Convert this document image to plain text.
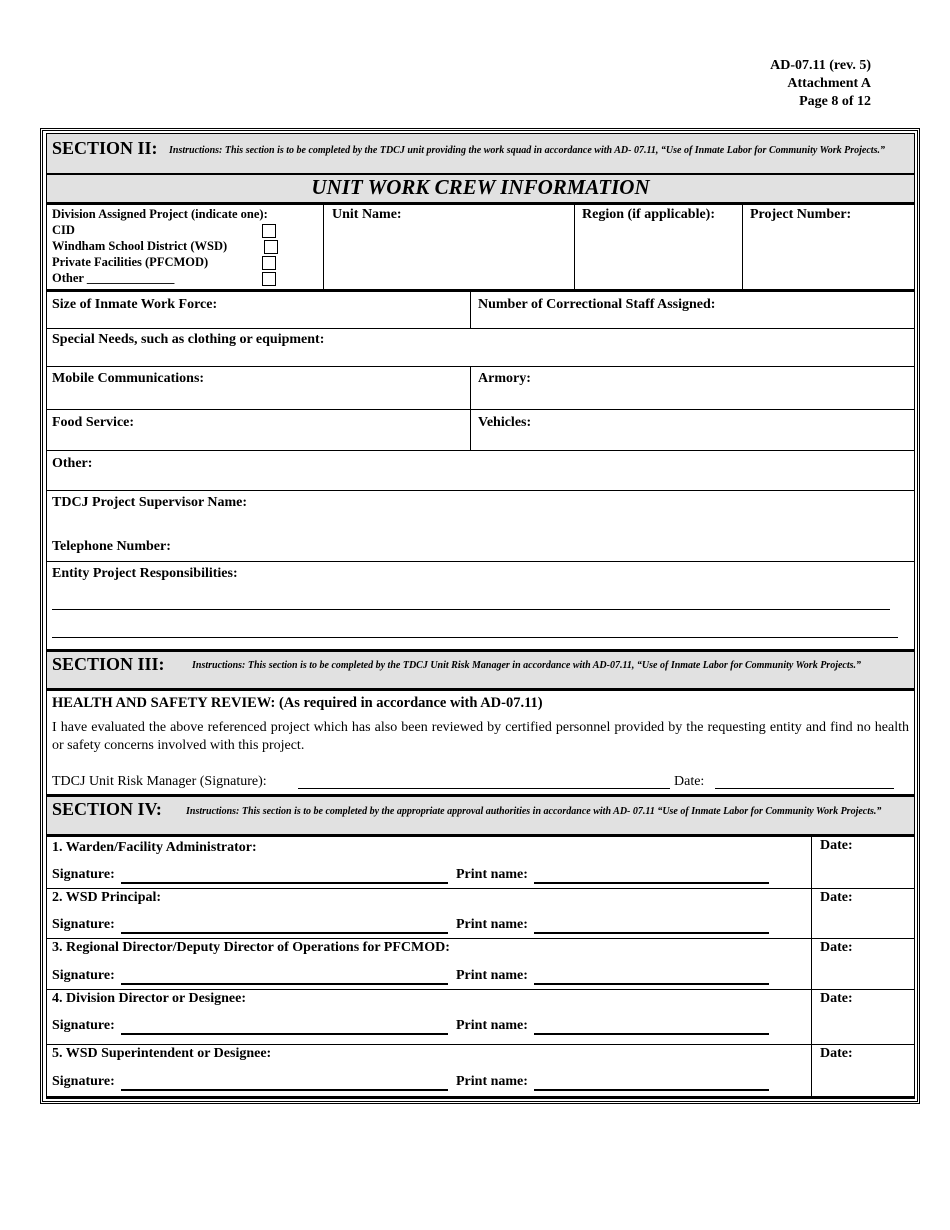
AD-07.11 (rev. 5)
Attachment A
Page 8 of 12
SECTION II: Instructions: This section is to be completed by the TDCJ unit providing the work squad in accordance with AD- 07.11, “Use of Inmate Labor for Community Work Projects.”
UNIT WORK CREW INFORMATION
Division Assigned Project (indicate one):
CID
Windham School District (WSD)
Private Facilities (PFCMOD)
Other ______________
Unit Name:	Region (if applicable):	Project Number:
Size of Inmate Work Force:	Number of Correctional Staff Assigned:
Special Needs, such as clothing or equipment:
Mobile Communications:	Armory:
Food Service:	Vehicles:
Other:
TDCJ Project Supervisor Name:
Telephone Number:
Entity Project Responsibilities:
SECTION III:	Instructions: This section is to be completed by the TDCJ Unit Risk Manager in accordance with AD-07.11, “Use of Inmate Labor for Community Work Projects.”
HEALTH AND SAFETY REVIEW: (As required in accordance with AD-07.11)
I have evaluated the above referenced project which has also been reviewed by certified personnel provided by the requesting entity and find no health or safety concerns involved with this project.
TDCJ Unit Risk Manager (Signature):	Date:
SECTION IV:	Instructions: This section is to be completed by the appropriate approval authorities in accordance with AD- 07.11 “Use of Inmate Labor for Community Work Projects.”
1. Warden/Facility Administrator:
Signature:	Print name:
Date:
2. WSD Principal:
Signature:	Print name:
Date:
3. Regional Director/Deputy Director of Operations for PFCMOD:
Signature:	Print name:
Date:
4. Division Director or Designee:
Signature:	Print name:
Date:
5. WSD Superintendent or Designee:
Signature:	Print name:
Date:
